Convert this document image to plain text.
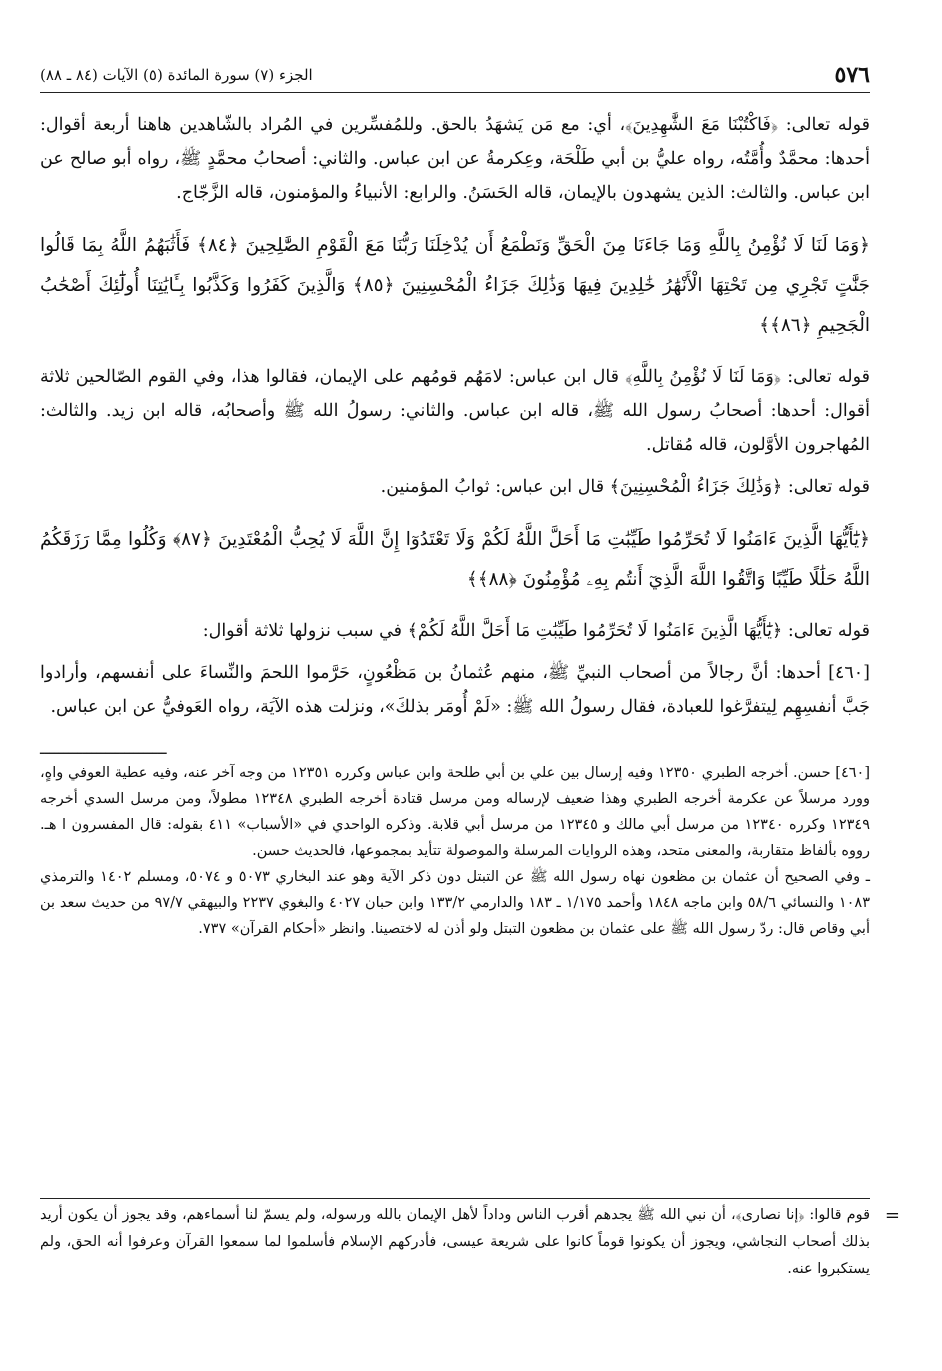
٥٧٦
الجزء (٧) سورة المائدة (٥) الآيات (٨٤ ـ ٨٨)

قوله تعالى: ﴿فَاكْتُبْنَا مَعَ الشَّٰهِدِينَ﴾، أي: مع مَن يَشهَدُ بالحق. وللمُفسِّرين في المُراد بالشّاهدين هاهنا أربعة أقوال: أحدها: محمَّدٌ وأُمَّتُه، رواه عليُّ بن أبي طَلْحَة، وعِكرمةُ عن ابن عباس. والثاني: أصحابُ محمَّدٍ ﷺ، رواه أبو صالح عن ابن عباس. والثالث: الذين يشهدون بالإيمان، قاله الحَسَنُ. والرابع: الأنبياءُ والمؤمنون، قاله الزَّجّاج.

﴿وَمَا لَنَا لَا نُؤْمِنُ بِاللَّهِ وَمَا جَاءَنَا مِنَ الْحَقِّ وَنَطْمَعُ أَن يُدْخِلَنَا رَبُّنَا مَعَ الْقَوْمِ الصَّٰلِحِينَ ﴿٨٤﴾ فَأَثَٰبَهُمُ اللَّهُ بِمَا قَالُوا جَنَّٰتٍ تَجْرِي مِن تَحْتِهَا الْأَنْهَٰرُ خَٰلِدِينَ فِيهَا وَذَٰلِكَ جَزَاءُ الْمُحْسِنِينَ ﴿٨٥﴾ وَالَّذِينَ كَفَرُوا وَكَذَّبُوا بِـَٔايَٰتِنَا أُولَٰٓئِكَ أَصْحَٰبُ الْجَحِيمِ ﴿٨٦﴾﴾

قوله تعالى: ﴿وَمَا لَنَا لَا نُؤْمِنُ بِاللَّهِ﴾ قال ابن عباس: لامَهُم قومُهم على الإيمان، فقالوا هذا، وفي القوم الصّالحين ثلاثة أقوال: أحدها: أصحابُ رسول الله ﷺ، قاله ابن عباس. والثاني: رسولُ الله ﷺ وأصحابُه، قاله ابن زيد. والثالث: المُهاجرون الأوَّلون، قاله مُقاتل.

قوله تعالى: ﴿وَذَٰلِكَ جَزَاءُ الْمُحْسِنِينَ﴾ قال ابن عباس: ثوابُ المؤمنين.

﴿يَٰٓأَيُّهَا الَّذِينَ ءَامَنُوا لَا تُحَرِّمُوا طَيِّبَٰتِ مَا أَحَلَّ اللَّهُ لَكُمْ وَلَا تَعْتَدُوٓا إِنَّ اللَّهَ لَا يُحِبُّ الْمُعْتَدِينَ ﴿٨٧﴾ وَكُلُوا مِمَّا رَزَقَكُمُ اللَّهُ حَلَٰلًا طَيِّبًا وَاتَّقُوا اللَّهَ الَّذِيٓ أَنتُم بِهِۦ مُؤْمِنُونَ ﴿٨٨﴾﴾

قوله تعالى: ﴿يَٰٓأَيُّهَا الَّذِينَ ءَامَنُوا لَا تُحَرِّمُوا طَيِّبَٰتِ مَا أَحَلَّ اللَّهُ لَكُمْ﴾ في سبب نزولها ثلاثة أقوال:

[٤٦٠] أحدها: أنَّ رجالاً من أصحاب النبيِّ ﷺ، منهم عُثمانُ بن مَظْعُونٍ، حَرَّموا اللحمَ والنِّساءَ على أنفسهم، وأرادوا جَبَّ أنفسِهِم لِيتفرَّغوا للعبادة، فقال رسولُ الله ﷺ: «لَمْ أُومَر بذلكَ»، ونزلت هذه الآيَة، رواه العَوفيُّ عن ابن عباس.

ـــــــــــــــــــــــــــ

[٤٦٠] حسن. أخرجه الطبري ١٢٣٥٠ وفيه إرسال بين علي بن أبي طلحة وابن عباس وكرره ١٢٣٥١ من وجه آخر عنه، وفيه عطية العوفي واهٍ، وورد مرسلاً عن عكرمة أخرجه الطبري وهذا ضعيف لإرساله ومن مرسل قتادة أخرجه الطبري ١٢٣٤٨ مطولاً، ومن مرسل السدي أخرجه ١٢٣٤٩ وكرره ١٢٣٤٠ من مرسل أبي مالك و ١٢٣٤٥ من مرسل أبي قلابة. وذكره الواحدي في «الأسباب» ٤١١ بقوله: قال المفسرون ا هـ. رووه بألفاظ متقاربة، والمعنى متحد، وهذه الروايات المرسلة والموصولة تتأيد بمجموعها، فالحديث حسن.

ـ وفي الصحيح أن عثمان بن مظعون نهاه رسول الله ﷺ عن التبتل دون ذكر الآية وهو عند البخاري ٥٠٧٣ و ٥٠٧٤، ومسلم ١٤٠٢ والترمذي ١٠٨٣ والنسائي ٥٨/٦ وابن ماجه ١٨٤٨ وأحمد ١/١٧٥ ـ ١٨٣ والدارمي ١٣٣/٢ وابن حبان ٤٠٢٧ والبغوي ٢٢٣٧ والبيهقي ٩٧/٧ من حديث سعد بن أبي وقاص قال: ردّ رسول الله ﷺ على عثمان بن مظعون التبتل ولو أذن له لاختصينا. وانظر «أحكام القرآن» ٧٣٧.

=
قوم قالوا: ﴿إنا نصارى﴾، أن نبي الله ﷺ يجدهم أقرب الناس وداداً لأهل الإيمان بالله ورسوله، ولم يسمّ لنا أسماءهم، وقد يجوز أن يكون أريد بذلك أصحاب النجاشي، ويجوز أن يكونوا قوماً كانوا على شريعة عيسى، فأدركهم الإسلام فأسلموا لما سمعوا القرآن وعرفوا أنه الحق، ولم يستكبروا عنه.
